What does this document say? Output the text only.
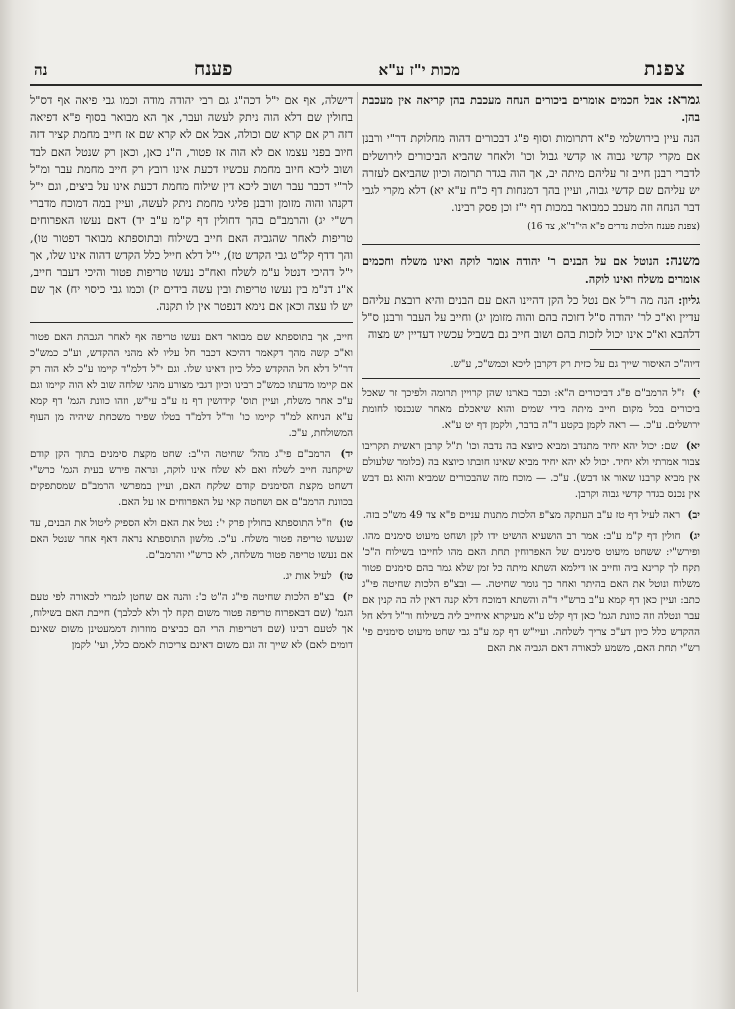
צפנת
מכות י"ז ע"א
פענח
נה

גמרא: אבל חכמים אומרים ביכורים הנחה מעכבת בהן קריאה אין מעכבת בהן.

הנה עיין בירושלמי פ"א דתרומות וסוף פ"ג דבכורים דהוה מחלוקת דר"י ורבנן אם מקרי קדשי גבוה או קדשי גבול וכו' ולאחר שהביא הביכורים לירושלים לדברי רבנן חייב זר עליהם מיתה יב, אך הוה בגדר תרומה וכיון שהביאם לעזרה יש עליהם שם קדשי גבוה, ועיין בהך דמנחות דף כ"ח ע"א יא) דלא מקרי לגבי דבר הנחה וזה מעכב כמבואר במכות דף י"ז וכן פסק רבינו.

(צפנת פענח הלכות נדרים פ"א הי"ד"א, צד 16)

משנה: הנוטל אם על הבנים ר' יהודה אומר לוקה ואינו משלח וחכמים אומרים משלח ואינו לוקה.

גליון: הנה מה ר"ל אם נטל כל הקן דהיינו האם עם הבנים והיא רובצת עליהם עדיין וא"כ לר' יהודה ס"ל דזוכה בהם והוה מזומן יג) וחייב על העבר ורבנן ס"ל דלהבא וא"כ אינו יכול לזכות בהם ושוב חייב גם בשביל עכשיו דעדיין יש מצוה

דיוה"כ האיסור שייך גם על כזית רק דקרבן ליכא וכמש"כ, ע"ש.

י) ז"ל הרמב"ם פ"ג דביכורים ה"א: וכבר בארנו שהן קרויין תרומה ולפיכך זר שאכל ביכורים בכל מקום חייב מיתה בידי שמים והוא שיאכלם מאחר שנכנסו לחומת ירושלים. ע"כ. — ראה לקמן בקטע ד"ה בדבר, ולקמן דף יט ע"א.

יא) שם: יכול יהא יחיד מתנדב ומביא כיוצא בה נדבה וכו' ת"ל קרבן ראשית תקריבו צבור אמרתי ולא יחיד. יכול לא יהא יחיד מביא שאינו חובתו כיוצא בה (כלומר שלעולם אין מביא קרבנו שאור או דבש). ע"כ. — מוכח מזה שהבכורים שמביא והוא גם דבש אין נכנס בגדר קדשי גבוה וקרבן.

יב) ראה לעיל דף טז ע"ב העתקה מצ"פ הלכות מתנות עניים פ"א צד 49 מש"כ בזה.

יג) חולין דף ק"מ ע"ב: אמר רב הושעיא הושיט ידו לקן ושחט מיעוט סימנים מהו. ופירש"י: ששחט מיעוט סימנים של האפרוחין תחת האם מהו לחייבו בשילוח ה"כ' תקח לך קרינא ביה וחייב או דילמא השתא מיתה כל זמן שלא גמר בהם סימנים פטור משלוח ונוטל את האם בהיתר ואחר כך גומר שחיטה. — ובצ"פ הלכות שחיטה פי"ג כתב: ועיין כאן דף קמא ע"ב ברש"י ד"ה והשתא דמוכח דלא קנה דאין לה בה קנין אם עבר ונטלה וזה כוונת הגמ' כאן דף קלט ע"א מעיקרא איחייב ליה בשילוח ור"ל דלא חל ההקדש כלל כיון דע"כ צריך לשלחה. ועיי"ש דף קמ ע"ב גבי שחט מיעוט סימנים פי' רש"י תחת האם, משמע לכאורה דאם הגביה את האם

דישלה, אף אם י"ל דכה"ג גם רבי יהודה מודה וכמו גבי פיאה אף דס"ל בחולין שם דלא הוה ניתק לעשה ועבר, אך הא מבואר בסוף פ"א דפיאה דזה רק אם קרא שם וכולה, אבל אם לא קרא שם אז חייב מחמת קציר דזה חיוב בפני עצמו אם לא הוה אז פטור, ה"נ כאן, וכאן רק שנטל האם לבד ושוב ליכא חיוב מחמת עכשיו דכעת אינו רובץ רק חייב מחמת עבר ומ"ל לר"י דכבר עבר ושוב ליכא דין שילוח מחמת דכעת אינו על ביצים, וגם י"ל דקנהו והוה מזומן ורבנן פליגי מחמת ניתק לעשה, ועיין במה דמוכח מדברי רש"י יג) והרמב"ם בהך דחולין דף ק"מ ע"ב יד) דאם נעשו האפרוחים טריפות לאחר שהגביה האם חייב בשילוח ובתוספתא מבואר דפטור טו), והך דדף קל"ט גבי הקדש טז), י"ל דלא חייל כלל הקדש דהוה אינו שלו, אך י"ל דהיכי דנטל ע"מ לשלח ואח"כ נעשו טריפות פטור והיכי דעבר חייב, א"נ דנ"מ בין נעשו טריפות ובין עשה בידים יז) וכמו גבי כיסוי יח) אך שם יש לו עצה וכאן אם נימא דנפטר אין לו תקנה.

חייב, אך בתוספתא שם מבואר דאם נעשו טריפה אף לאחר הגבהת האם פטור וא"כ קשה מהך דקאמר דהיכא דכבר חל עליו לא מהני ההקדש, וע"כ כמש"כ דר"ל דלא חל ההקדש כלל כיון דאינו שלו. וגם י"ל דלמ"ד קיימו ע"כ לא הוה רק אם קיימו מדעתו כמש"כ רבינו וכיון דגבי מצורע מהני שלחה שוב לא הוה קיימו וגם ע"כ אחר משלח, ועיין תוס' קידושין דף נז ע"ב עי"ש, וזהו כוונת הגמ' דף קמא ע"א הניחא למ"ד קיימו כו' ור"ל דלמ"ד בטלו שפיר משכחת שיהיה מן העוף המשולחת, ע"כ.

יד) הרמב"ם פי"ג מהל' שחיטה הי"ב: שחט מקצת סימנים בתוך הקן קודם שיקחנה חייב לשלח ואם לא שלח אינו לוקה, ונראה פירש בעית הגמ' כרש"י דשחט מקצת הסימנים קודם שלקח האם, ועיין במפרשי הרמב"ם שמסתפקים בכוונת הרמב"ם אם ושחטה קאי על האפרוחים או על האם.

טו) וז"ל התוספתא בחולין פרק י': נטל את האם ולא הספיק ליטול את הבנים, עד שנעשו טריפה פטור משלח. ע"כ. מלשון התוספתא נראה דאף אחר שנטל האם אם נעשו טריפה פטור משלחה, לא כרש"י והרמב"ם.

טז) לעיל אות יג.

יז) בצ"פ הלכות שחיטה פי"ג ה"ט כ': והנה אם שחטן לגמרי לכאורה לפי טעם הגמ' (שם דבאפרוח טריפה פטור משום תקח לך ולא לכלבך) חייבת האם בשילוח, אך לטעם רבינו (שם דטריפות הרי הם כביצים מוזרות דממעטינן משום שאינם דומים לאם) לא שייך זה וגם משום דאינם צריכות לאמם כלל, ועי' לקמן
